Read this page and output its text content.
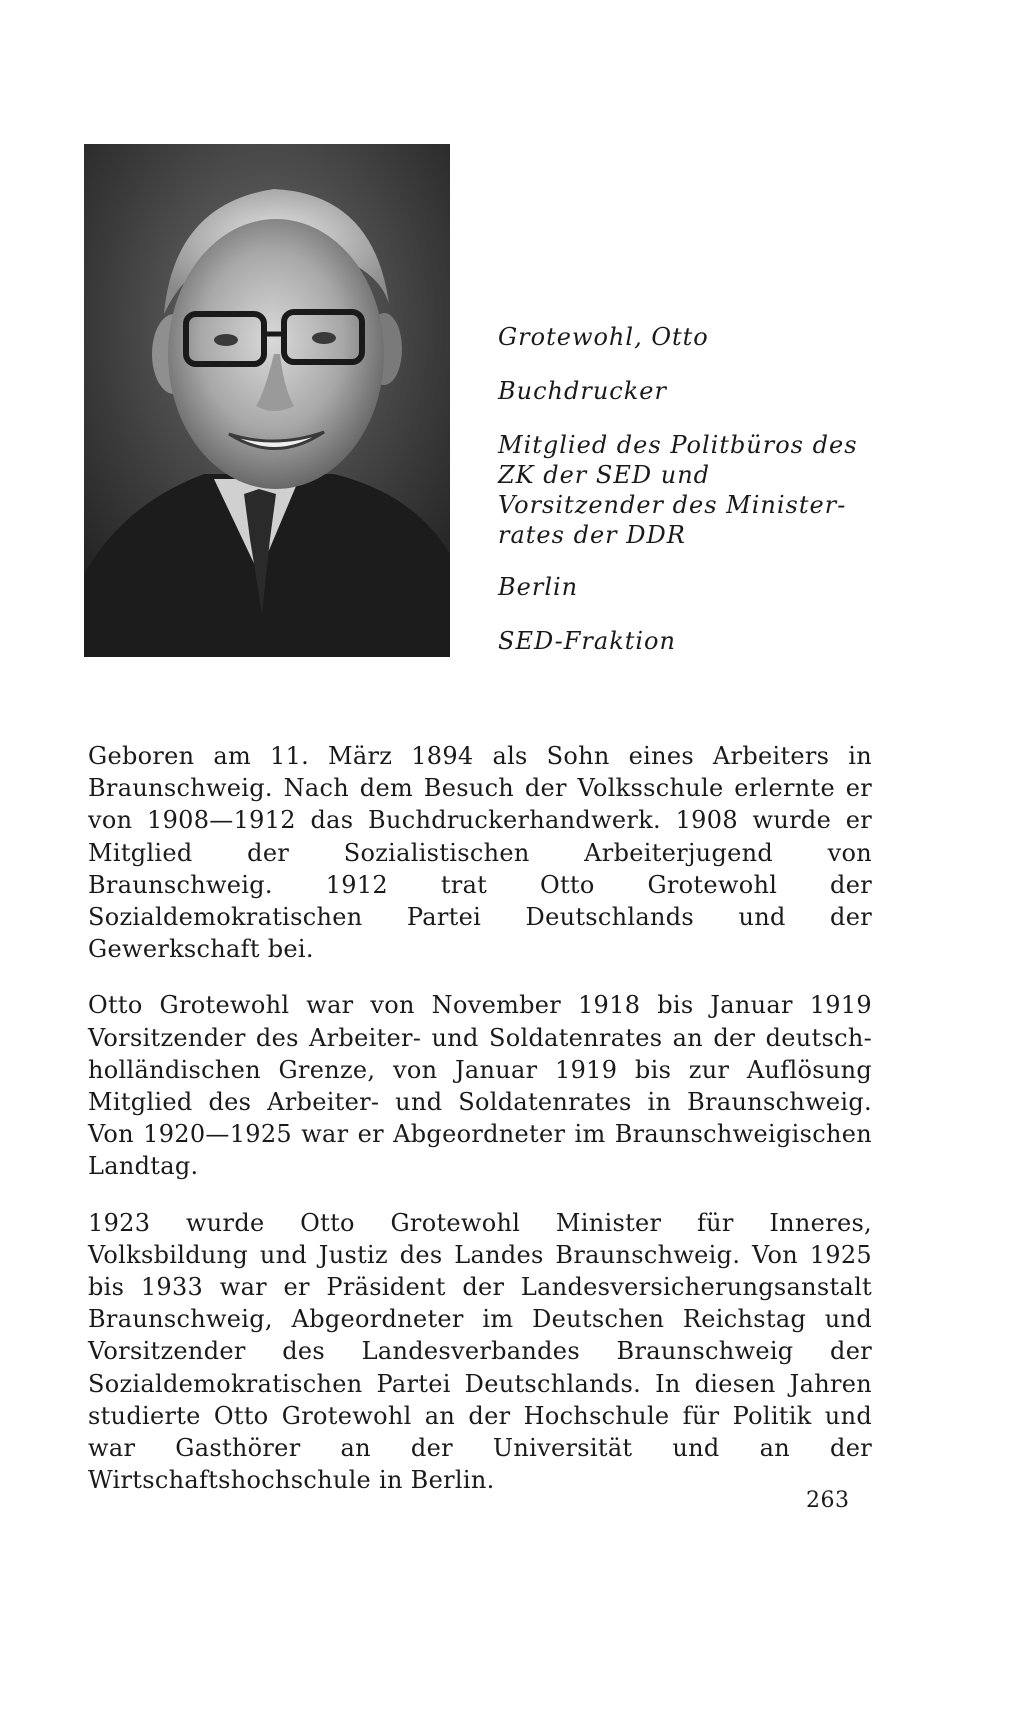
Grotewohl, Otto

Buchdrucker

Mitglied des Politbüros des
ZK der SED und
Vorsitzender des Minister-
rates der DDR

Berlin

SED-Fraktion

Geboren am 11. März 1894 als Sohn eines Arbeiters in Braunschweig. Nach dem Besuch der Volksschule erlernte er von 1908—1912 das Buchdruckerhandwerk. 1908 wurde er Mitglied der Sozialistischen Arbeiterjugend von Braunschweig. 1912 trat Otto Grotewohl der Sozialdemokratischen Partei Deutschlands und der Gewerkschaft bei.

Otto Grotewohl war von November 1918 bis Januar 1919 Vorsitzender des Arbeiter- und Soldatenrates an der deutsch-holländischen Grenze, von Januar 1919 bis zur Auflösung Mitglied des Arbeiter- und Soldatenrates in Braunschweig. Von 1920—1925 war er Abgeordneter im Braunschweigischen Landtag.

1923 wurde Otto Grotewohl Minister für Inneres, Volksbildung und Justiz des Landes Braunschweig. Von 1925 bis 1933 war er Präsident der Landesversicherungsanstalt Braunschweig, Abgeordneter im Deutschen Reichstag und Vorsitzender des Landesverbandes Braunschweig der Sozialdemokratischen Partei Deutschlands. In diesen Jahren studierte Otto Grotewohl an der Hochschule für Politik und war Gasthörer an der Universität und an der Wirtschaftshochschule in Berlin.

263
